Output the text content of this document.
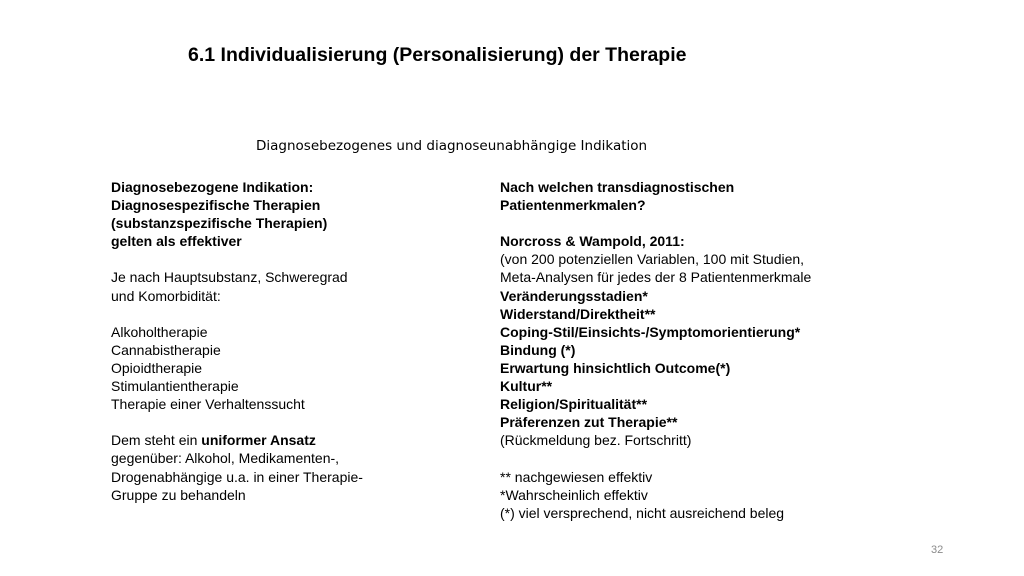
6.1 Individualisierung (Personalisierung) der Therapie
Diagnosebezogenes und diagnoseunabhängige Indikation
Diagnosebezogene Indikation:
Diagnosespezifische Therapien
(substanzspezifische Therapien)
gelten als effektiver
Je nach Hauptsubstanz, Schweregrad
und Komorbidität:
Alkoholtherapie
Cannabistherapie
Opioidtherapie
Stimulantientherapie
Therapie einer Verhaltenssucht
Dem steht ein uniformer Ansatz
gegenüber: Alkohol, Medikamenten-,
Drogenabhängige u.a. in einer Therapie-
Gruppe zu behandeln
Nach welchen transdiagnostischen
Patientenmerkmalen?
Norcross & Wampold, 2011:
(von 200 potenziellen Variablen, 100 mit Studien,
Meta-Analysen für jedes der 8 Patientenmerkmale
Veränderungsstadien*
Widerstand/Direktheit**
Coping-Stil/Einsichts-/Symptomorientierung*
Bindung (*)
Erwartung hinsichtlich Outcome(*)
Kultur**
Religion/Spiritualität**
Präferenzen zut Therapie**
(Rückmeldung bez. Fortschritt)
** nachgewiesen effektiv
*Wahrscheinlich effektiv
(*) viel versprechend, nicht ausreichend beleg
32
